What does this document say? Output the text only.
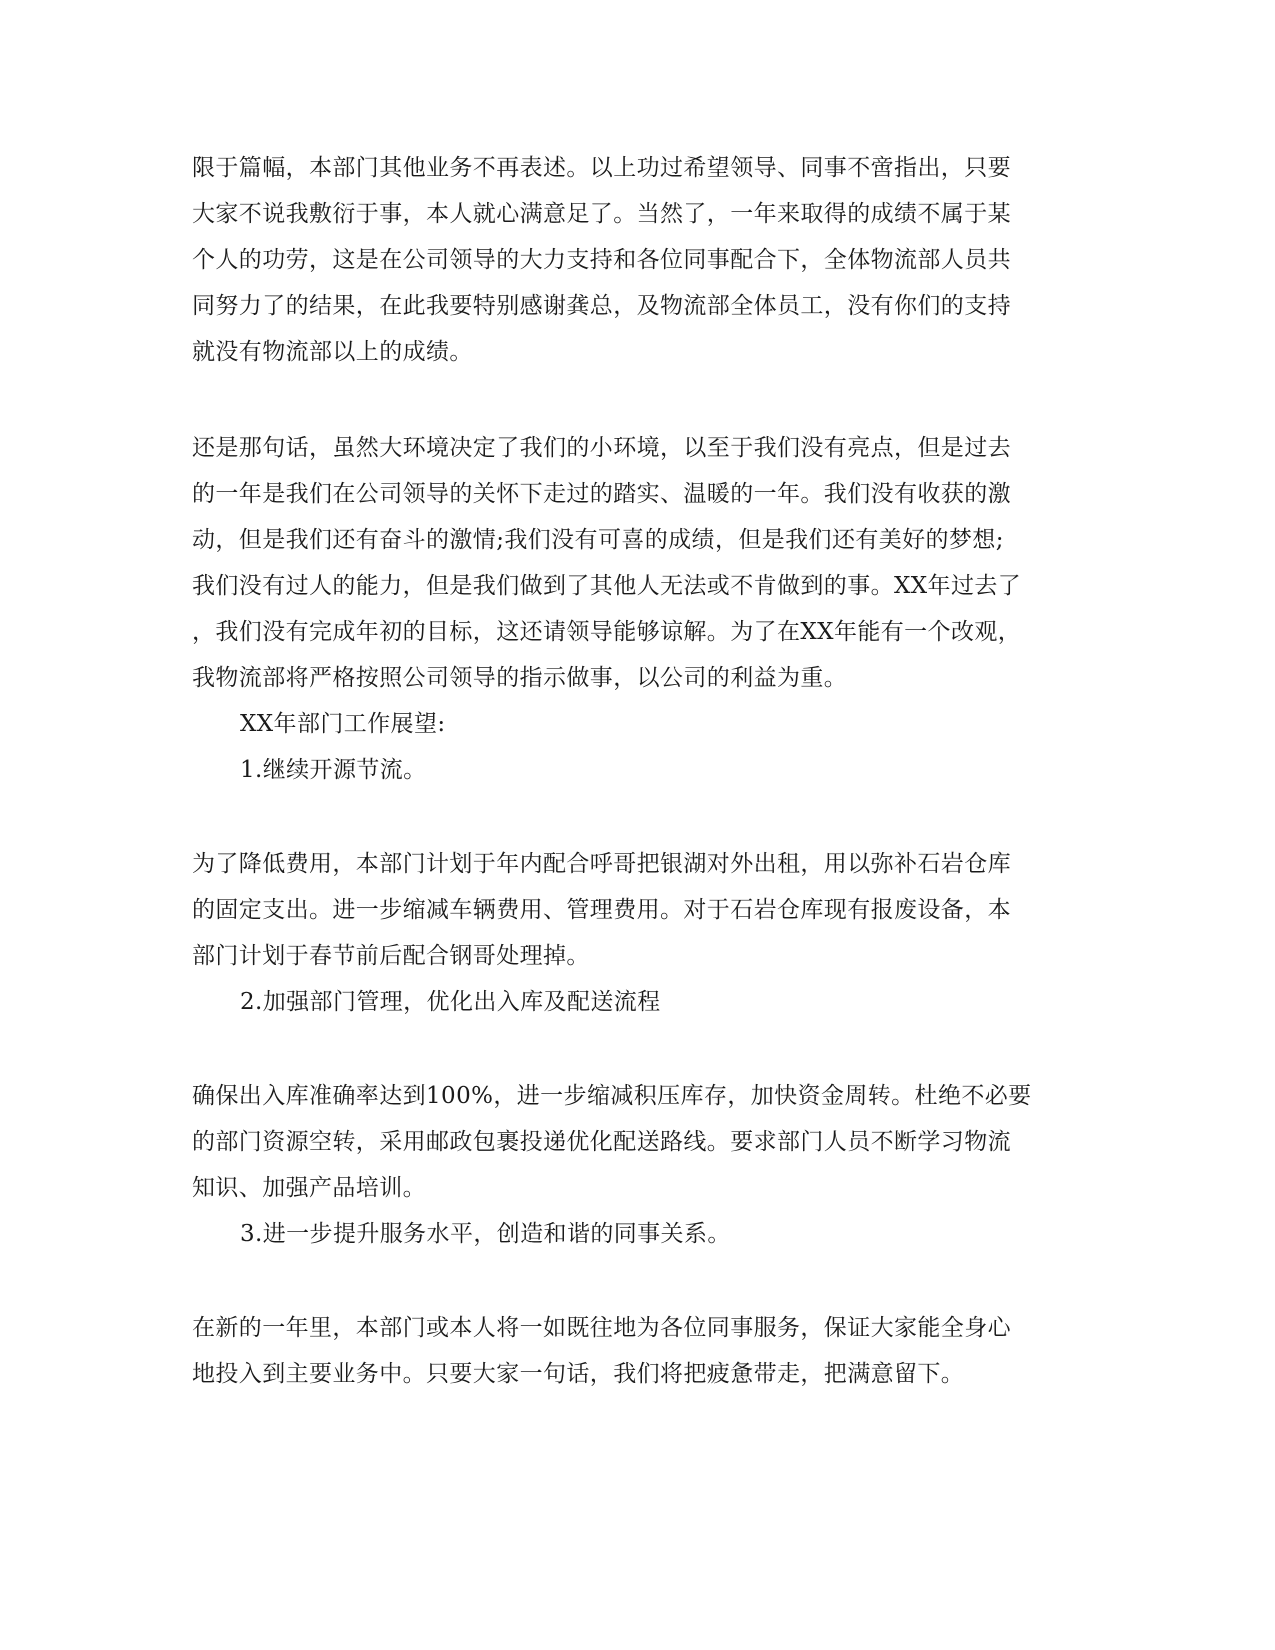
限于篇幅，本部门其他业务不再表述。以上功过希望领导、同事不啻指出，只要
大家不说我敷衍于事，本人就心满意足了。当然了，一年来取得的成绩不属于某
个人的功劳，这是在公司领导的大力支持和各位同事配合下，全体物流部人员共
同努力了的结果，在此我要特别感谢龚总，及物流部全体员工，没有你们的支持
就没有物流部以上的成绩。
还是那句话，虽然大环境决定了我们的小环境，以至于我们没有亮点，但是过去
的一年是我们在公司领导的关怀下走过的踏实、温暖的一年。我们没有收获的激
动，但是我们还有奋斗的激情;我们没有可喜的成绩，但是我们还有美好的梦想;
我们没有过人的能力，但是我们做到了其他人无法或不肯做到的事。XX年过去了
，我们没有完成年初的目标，这还请领导能够谅解。为了在XX年能有一个改观，
我物流部将严格按照公司领导的指示做事，以公司的利益为重。
XX年部门工作展望:
1.继续开源节流。
为了降低费用，本部门计划于年内配合呼哥把银湖对外出租，用以弥补石岩仓库
的固定支出。进一步缩减车辆费用、管理费用。对于石岩仓库现有报废设备，本
部门计划于春节前后配合钢哥处理掉。
2.加强部门管理，优化出入库及配送流程
确保出入库准确率达到100%，进一步缩减积压库存，加快资金周转。杜绝不必要
的部门资源空转，采用邮政包裹投递优化配送路线。要求部门人员不断学习物流
知识、加强产品培训。
3.进一步提升服务水平，创造和谐的同事关系。
在新的一年里，本部门或本人将一如既往地为各位同事服务，保证大家能全身心
地投入到主要业务中。只要大家一句话，我们将把疲惫带走，把满意留下。
